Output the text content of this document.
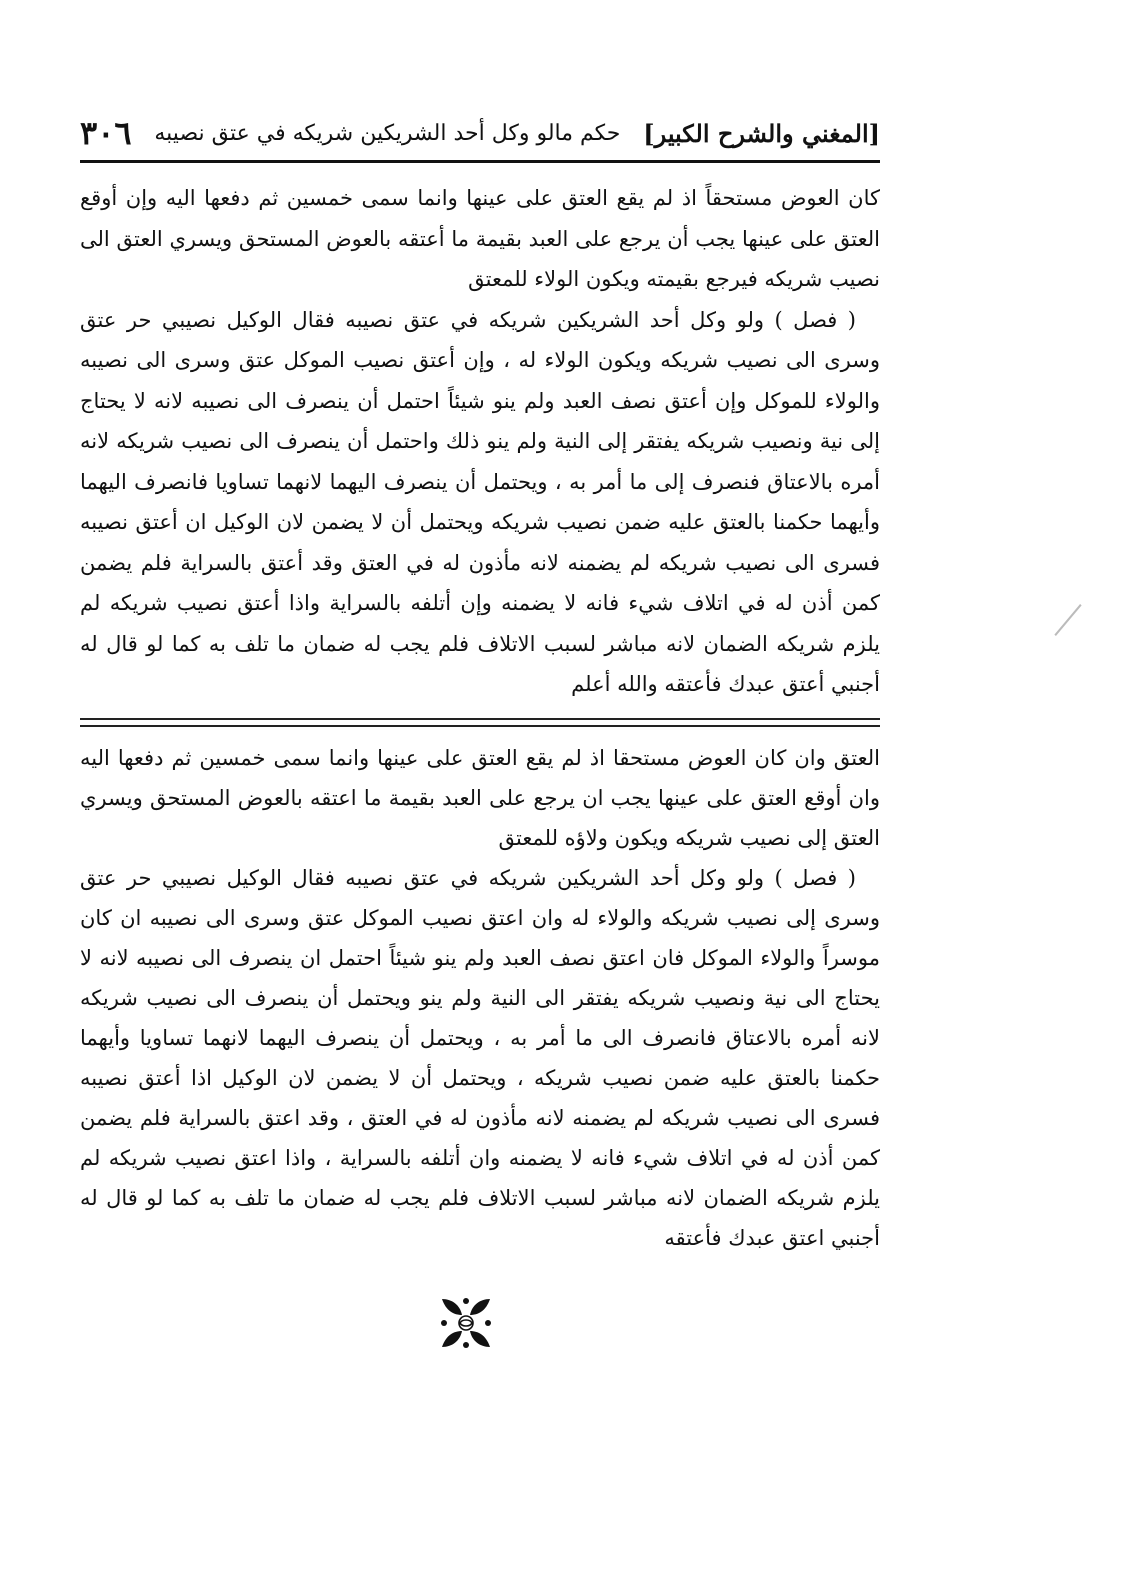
٣٠٦ حكم مالو وكل أحد الشريكين شريكه في عتق نصيبه [المغني والشرح الكبير]

كان العوض مستحقاً اذ لم يقع العتق على عينها وانما سمى خمسين ثم دفعها اليه وإن أوقع العتق على عينها يجب أن يرجع على العبد بقيمة ما أعتقه بالعوض المستحق ويسري العتق الى نصيب شريكه فيرجع بقيمته ويكون الولاء للمعتق

( فصل ) ولو وكل أحد الشريكين شريكه في عتق نصيبه فقال الوكيل نصيبي حر عتق وسرى الى نصيب شريكه ويكون الولاء له ، وإن أعتق نصيب الموكل عتق وسرى الى نصيبه والولاء للموكل وإن أعتق نصف العبد ولم ينو شيئاً احتمل أن ينصرف الى نصيبه لانه لا يحتاج إلى نية ونصيب شريكه يفتقر إلى النية ولم ينو ذلك واحتمل أن ينصرف الى نصيب شريكه لانه أمره بالاعتاق فنصرف إلى ما أمر به ، ويحتمل أن ينصرف اليهما لانهما تساويا فانصرف اليهما وأيهما حكمنا بالعتق عليه ضمن نصيب شريكه ويحتمل أن لا يضمن لان الوكيل ان أعتق نصيبه فسرى الى نصيب شريكه لم يضمنه لانه مأذون له في العتق وقد أعتق بالسراية فلم يضمن كمن أذن له في اتلاف شيء فانه لا يضمنه وإن أتلفه بالسراية واذا أعتق نصيب شريكه لم يلزم شريكه الضمان لانه مباشر لسبب الاتلاف فلم يجب له ضمان ما تلف به كما لو قال له أجنبي أعتق عبدك فأعتقه والله أعلم

العتق وان كان العوض مستحقا اذ لم يقع العتق على عينها وانما سمى خمسين ثم دفعها اليه وان أوقع العتق على عينها يجب ان يرجع على العبد بقيمة ما اعتقه بالعوض المستحق ويسري العتق إلى نصيب شريكه ويكون ولاؤه للمعتق

( فصل ) ولو وكل أحد الشريكين شريكه في عتق نصيبه فقال الوكيل نصيبي حر عتق وسرى إلى نصيب شريكه والولاء له وان اعتق نصيب الموكل عتق وسرى الى نصيبه ان كان موسراً والولاء الموكل فان اعتق نصف العبد ولم ينو شيئاً احتمل ان ينصرف الى نصيبه لانه لا يحتاج الى نية ونصيب شريكه يفتقر الى النية ولم ينو ويحتمل أن ينصرف الى نصيب شريكه لانه أمره بالاعتاق فانصرف الى ما أمر به ، ويحتمل أن ينصرف اليهما لانهما تساويا وأيهما حكمنا بالعتق عليه ضمن نصيب شريكه ، ويحتمل أن لا يضمن لان الوكيل اذا أعتق نصيبه فسرى الى نصيب شريكه لم يضمنه لانه مأذون له في العتق ، وقد اعتق بالسراية فلم يضمن كمن أذن له في اتلاف شيء فانه لا يضمنه وان أتلفه بالسراية ، واذا اعتق نصيب شريكه لم يلزم شريكه الضمان لانه مباشر لسبب الاتلاف فلم يجب له ضمان ما تلف به كما لو قال له أجنبي اعتق عبدك فأعتقه
